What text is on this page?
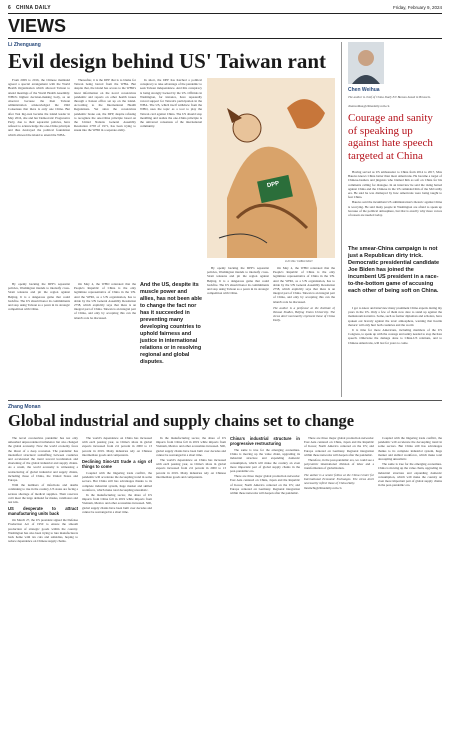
6 CHINA DAILY	Friday, February 9, 2024
VIEWS
Li Zhenguang
Evil design behind US' Taiwan rant

From 2009 to 2016, the Chinese mainland agreed a special arrangement with the World Health Organization which allowed Taiwan to attend meetings of the World Health Assembly. WHO's highest decision-making body, as an observer because the then Taiwan administration acknowledged the 1992 Consensus that there is only one China. But after Tsai Ing-wen became the island leader in May 2016, she and her Democratic Progressive Party, due to their separatist policies, have refused to acknowledge the one-China principle and thus destroyed the political foundation which allowed the island to attend the WHA.

Thereafter, it is the DPP that is to blame for Taiwan being barred from the WHA. But despite that, the island has access to the WHO's latest information on the novel coronavirus pandemic and reports on other health issues through a liaison office set up on the island. According to the International Health Regulations. Yet since the coronavirus pandemic broke out, the DPP, despite refusing to recognize the one-China principle based on the United Nations General Assembly Resolution 2758 of 1971, has been trying to sneak into the WHO in a separate entity.

In short, the DPP has hatched a political conspiracy to take advantage of the pandemic to seek Taiwan independence. And this conspiracy is being strongly backed by the US. Officials in Washington, for instance, have repeatedly voiced support for Taiwan's participation in the WHA. The US, which itself withdrew from the WHO, uses the topic as a tool to play the Taiwan card against China. The US should stop meddling and realize the one-China principle is the universal consensus of the international community.

DPP
LUO JIE / CHINA DAILY
And the US, despite its muscle power and allies, has not been able to change the fact nor has it succeeded in preventing many developing countries to uphold fairness and justice in international relations or in resolving regional and global disputes.

By openly backing the DPP's separatist policies, Washington intends to intensify cross-Strait tensions and pit the region against Beijing. It is a dangerous game that could backfire. The US should honor its commitments and stop using Taiwan as a pawn in its strategic competition with China.

On May 4, the WHO reiterated that the People's Republic of China is the only legitimate representative of China in the UN. And the WHO, as a UN organization, has to abide by the UN General Assembly Resolution 2758, which explicitly says that there is an integral part of China. Taiwan is an integral part of China, and only by accepting this can the island's role be discussed.

The author is a professor at the Institute of Taiwan Studies, Beijing Union University. The views don't necessarily represent those of China Daily.

By openly backing the DPP's separatist policies, Washington intends to intensify cross-Strait tensions and pit the region against Beijing. It is a dangerous game that could backfire. The US should honor its commitments and stop using Taiwan as a pawn in its strategic competition with China.

On May 4, the WHO reiterated that the People's Republic of China is the only legitimate representative of China in the UN. And the WHO, as a UN organization, has to abide by the UN General Assembly Resolution 2758, which explicitly says that there is an integral part of China. Taiwan is an integral part of China, and only by accepting this can the island's role be discussed.

Chen Weihua
The author is chief of China Daily EU Bureau based in Brussels.
chenweihua@chinadaily.com.cn
Courage and sanity of speaking up against hate speech targeted at China

Having served as US ambassador to China from 2014 to 2017, Max Baucus knows China better than most Americans. He became a target of Chinese-bashers and jingoists who blamed him as soft on China for his comments calling for dialogue. In an interview he said the rising hatred against China and the Chinese in the US reminded him of the McCarthy era. He said he was dismayed by how Americans were being taught to fear China.

Baucus said the incumbent US administration's rhetoric against China is worrying. He said many people in Washington are afraid to speak up because of the political atmosphere, but that is exactly why more voices of reason are needed today.

The smear-China campaign is not just a Republican dirty trick. Democratic presidential candidate Joe Biden has joined the incumbent US president in a race-to-the-bottom game of accusing each other of being soft on China.

I got to know and interview many prominent China experts during my years in the US. Only a few of them now dare to stand up against the mainstream narrative. Some, such as former diplomats and scholars, have spoken out bravely against the toxic atmosphere, warning that hostile rhetoric will only hurt both countries and the world.

It is time for more Americans, including members of the US Congress, to speak up with the courage and sanity needed to stop the hate speech. Otherwise the damage done to China-US relations, and to Chinese Americans, will last for years to come.

Zhang Monan
Global industrial and supply chains set to change

The novel coronavirus pandemic has not only unleashed unprecedented turbulence but also changed the global economy. Now the world economy faces the threat of a deep recession. The pandemic has intensified structural reshuffling between countries and accelerated the trend toward localization and shortening of the global industrial and supply chains. As a result, the world economy is witnessing a restructuring of global industrial and supply chains, including those of China, the United States and Europe.

With the numbers of infections and deaths continuing to rise in the country, US states are facing a serious shortage of medical supplies. Their reserves can't meet the large demand for masks, ventilators and test kits.

US desperate to attract manufacturing units back

On March 27, the US president signed the Defense Production Act of 1950 to ensure the smooth production of strategic goods within the country. Washington has also been trying to lure manufacturers back home with tax cuts and subsidies, hoping to reduce dependence on Chinese supply chains.

The world's dependence on China has increased with each passing year, as China's share in global exports increased from 2.6 percent in 2000 to 13 percent in 2019. Many industries rely on Chinese intermediate goods and components.

Declining Sino-US trade a sign of things to come

Coupled with the lingering trade conflict, the pandemic will accelerate the decoupling trend in some sectors. But China still has advantages thanks to its complete industrial system, huge market and skilled workforce, which make total decoupling unrealistic.

In the manufacturing sector, the share of US imports from China fell in 2019 while imports from Vietnam, Mexico and other economies increased. Still, global supply chains have been built over decades and cannot be rearranged in a short time.

In the manufacturing sector, the share of US imports from China fell in 2019 while imports from Vietnam, Mexico and other economies increased. Still, global supply chains have been built over decades and cannot be rearranged in a short time.

The world's dependence on China has increased with each passing year, as China's share in global exports increased from 2.6 percent in 2000 to 13 percent in 2019. Many industries rely on Chinese intermediate goods and components.

China's industrial structure in progressive restructuring

The same is true for the emerging economies. China is moving up the value chain, upgrading its industrial structure and expanding domestic consumption, which will make the country an even more important part of global supply chains in the post-pandemic era.

There are three major global production networks: East Asia centered on China, Japan and the Republic of Korea; North America centered on the US; and Europe centered on Germany. Regional integration within these networks will deepen after the pandemic.

There are three major global production networks: East Asia centered on China, Japan and the Republic of Korea; North America centered on the US; and Europe centered on Germany. Regional integration within these networks will deepen after the pandemic.

Therefore, in the post-pandemic era, we could see a polycentric international division of labor and a transformation of globalization.

The author is a senior fellow at the China Center for International Economic Exchanges. The views don't necessarily reflect those of China Daily.

liuxinchi@chinadaily.com.cn

Coupled with the lingering trade conflict, the pandemic will accelerate the decoupling trend in some sectors. But China still has advantages thanks to its complete industrial system, huge market and skilled workforce, which make total decoupling unrealistic.

The same is true for the emerging economies. China is moving up the value chain, upgrading its industrial structure and expanding domestic consumption, which will make the country an even more important part of global supply chains in the post-pandemic era.
